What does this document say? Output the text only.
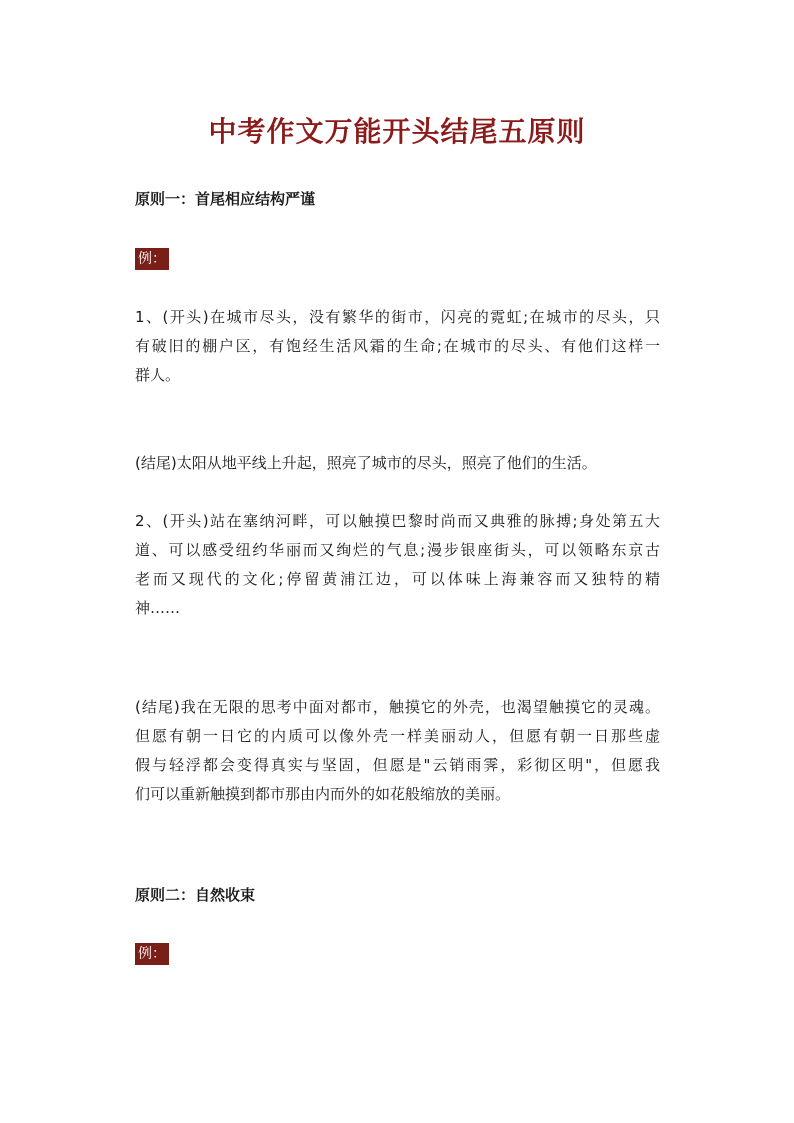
中考作文万能开头结尾五原则
原则一：首尾相应结构严谨
例：
1、(开头)在城市尽头，没有繁华的街市，闪亮的霓虹;在城市的尽头，只
有破旧的棚户区，有饱经生活风霜的生命;在城市的尽头、有他们这样一
群人。
(结尾)太阳从地平线上升起，照亮了城市的尽头，照亮了他们的生活。
2、(开头)站在塞纳河畔，可以触摸巴黎时尚而又典雅的脉搏;身处第五大
道、可以感受纽约华丽而又绚烂的气息;漫步银座街头，可以领略东京古
老而又现代的文化;停留黄浦江边，可以体味上海兼容而又独特的精
神……
(结尾)我在无限的思考中面对都市，触摸它的外壳，也渴望触摸它的灵魂。
但愿有朝一日它的内质可以像外壳一样美丽动人，但愿有朝一日那些虚
假与轻浮都会变得真实与坚固，但愿是"云销雨霁，彩彻区明"，但愿我
们可以重新触摸到都市那由内而外的如花般缩放的美丽。
原则二：自然收束
例：
